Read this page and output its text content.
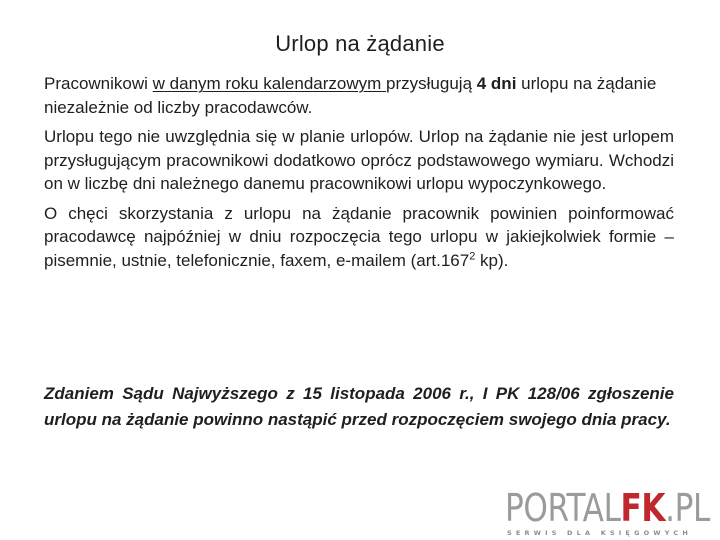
Urlop na żądanie

Pracownikowi w danym roku kalendarzowym przysługują 4 dni urlopu na żądanie niezależnie od liczby pracodawców.

Urlopu tego nie uwzględnia się w planie urlopów. Urlop na żądanie nie jest urlopem przysługującym pracownikowi dodatkowo oprócz podstawowego wymiaru. Wchodzi on w liczbę dni należnego danemu pracownikowi urlopu wypoczynkowego.

O chęci skorzystania z urlopu na żądanie pracownik powinien poinformować pracodawcę najpóźniej w dniu rozpoczęcia tego urlopu w jakiejkolwiek formie – pisemnie, ustnie, telefonicznie, faxem, e-mailem (art.167$^2$ kp).

Zdaniem Sądu Najwyższego z 15 listopada 2006 r., I PK 128/06 zgłoszenie urlopu na żądanie powinno nastąpić przed rozpoczęciem swojego dnia pracy.

PORTALFK.PL
SERWIS DLA KSIĘGOWYCH
